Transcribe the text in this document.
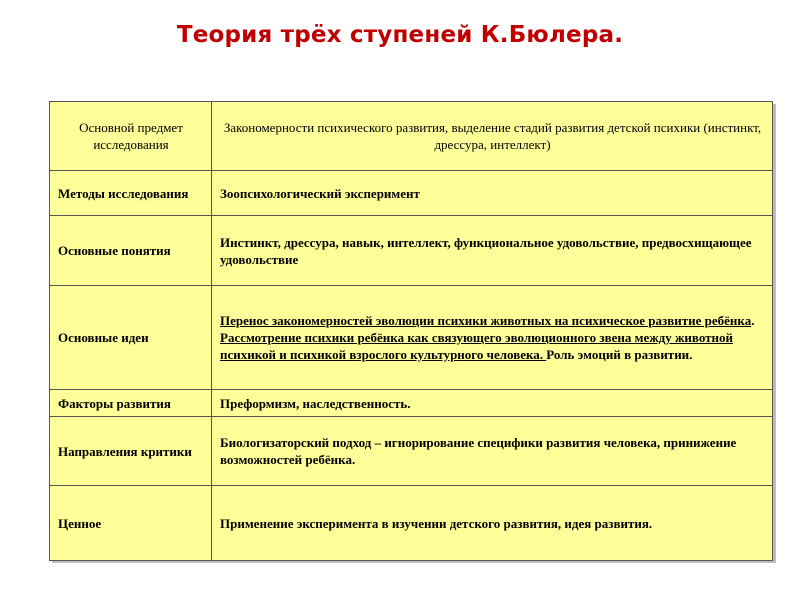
Теория трёх ступеней К.Бюлера.
Основной предмет исследования	Закономерности психического развития, выделение стадий развития детской психики (инстинкт, дрессура, интеллект)
Методы исследования	Зоопсихологический эксперимент
Основные понятия	Инстинкт, дрессура, навык, интеллект, функциональное удовольствие, предвосхищающее удовольствие
Основные идеи	Перенос закономерностей эволюции психики животных на психическое развитие ребёнка. Рассмотрение психики ребёнка как связующего эволюционного звена между животной психикой и психикой взрослого культурного человека. Роль эмоций в развитии.
Факторы развития	Преформизм, наследственность.
Направления критики	Биологизаторский подход – игнорирование специфики развития человека, принижение возможностей ребёнка.
Ценное	Применение эксперимента в изучении детского развития, идея развития.
